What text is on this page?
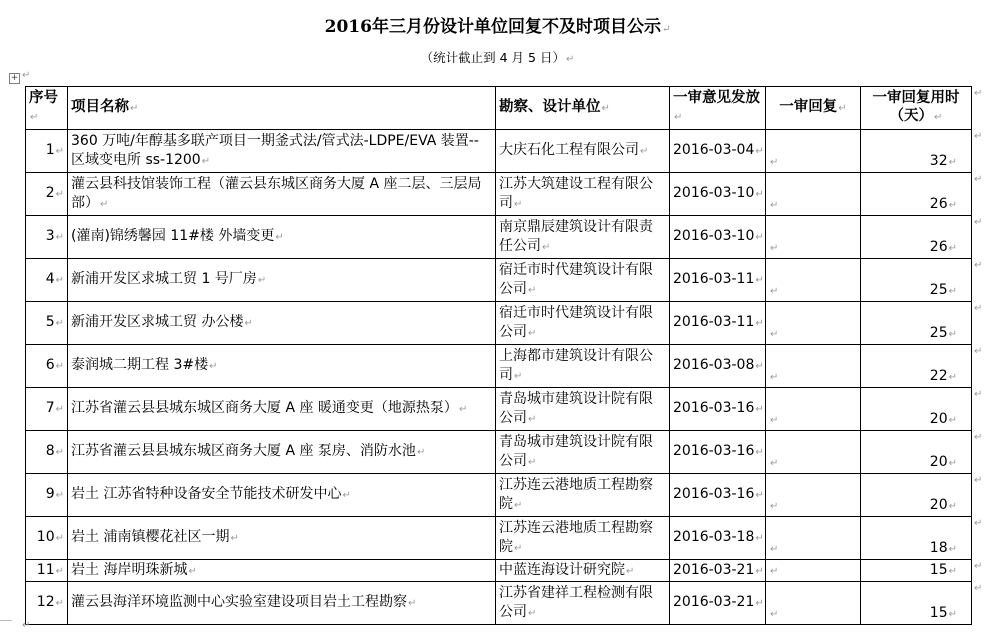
2016年三月份设计单位回复不及时项目公示↵
（统计截止到 4 月 5 日）↵
+ ↵
序号↵	项目名称↵	勘察、设计单位↵	一审意见发放↵	一审回复↵	一审回复用时（天）↵
1↵	360 万吨/年醇基多联产项目一期釜式法/管式法-LDPE/EVA 装置--区域变电所 ss-1200↵	大庆石化工程有限公司↵	2016-03-04↵	↵	32↵
2↵	灌云县科技馆装饰工程（灌云县东城区商务大厦 A 座二层、三层局部）↵	江苏大筑建设工程有限公司↵	2016-03-10↵	↵	26↵
3↵	(灌南)锦绣馨园 11#楼 外墙变更↵	南京鼎辰建筑设计有限责任公司↵	2016-03-10↵	↵	26↵
4↵	新浦开发区求城工贸 1 号厂房↵	宿迁市时代建筑设计有限公司↵	2016-03-11↵	↵	25↵
5↵	新浦开发区求城工贸 办公楼↵	宿迁市时代建筑设计有限公司↵	2016-03-11↵	↵	25↵
6↵	泰润城二期工程 3#楼↵	上海都市建筑设计有限公司↵	2016-03-08↵	↵	22↵
7↵	江苏省灌云县县城东城区商务大厦 A 座 暖通变更（地源热泵）↵	青岛城市建筑设计院有限公司↵	2016-03-16↵	↵	20↵
8↵	江苏省灌云县县城东城区商务大厦 A 座 泵房、消防水池↵	青岛城市建筑设计院有限公司↵	2016-03-16↵	↵	20↵
9↵	岩土 江苏省特种设备安全节能技术研发中心↵	江苏连云港地质工程勘察院↵	2016-03-16↵	↵	20↵
10↵	岩土 浦南镇樱花社区一期↵	江苏连云港地质工程勘察院↵	2016-03-18↵	↵	18↵
11↵	岩土 海岸明珠新城↵	中蓝连海设计研究院↵	2016-03-21↵	↵	15↵
12↵	灌云县海洋环境监测中心实验室建设项目岩土工程勘察↵	江苏省建祥工程检测有限公司↵	2016-03-21↵	↵	15↵
↵
↵
↵
↵
↵
↵
↵
↵
↵
↵
↵
↵
↵
↵
